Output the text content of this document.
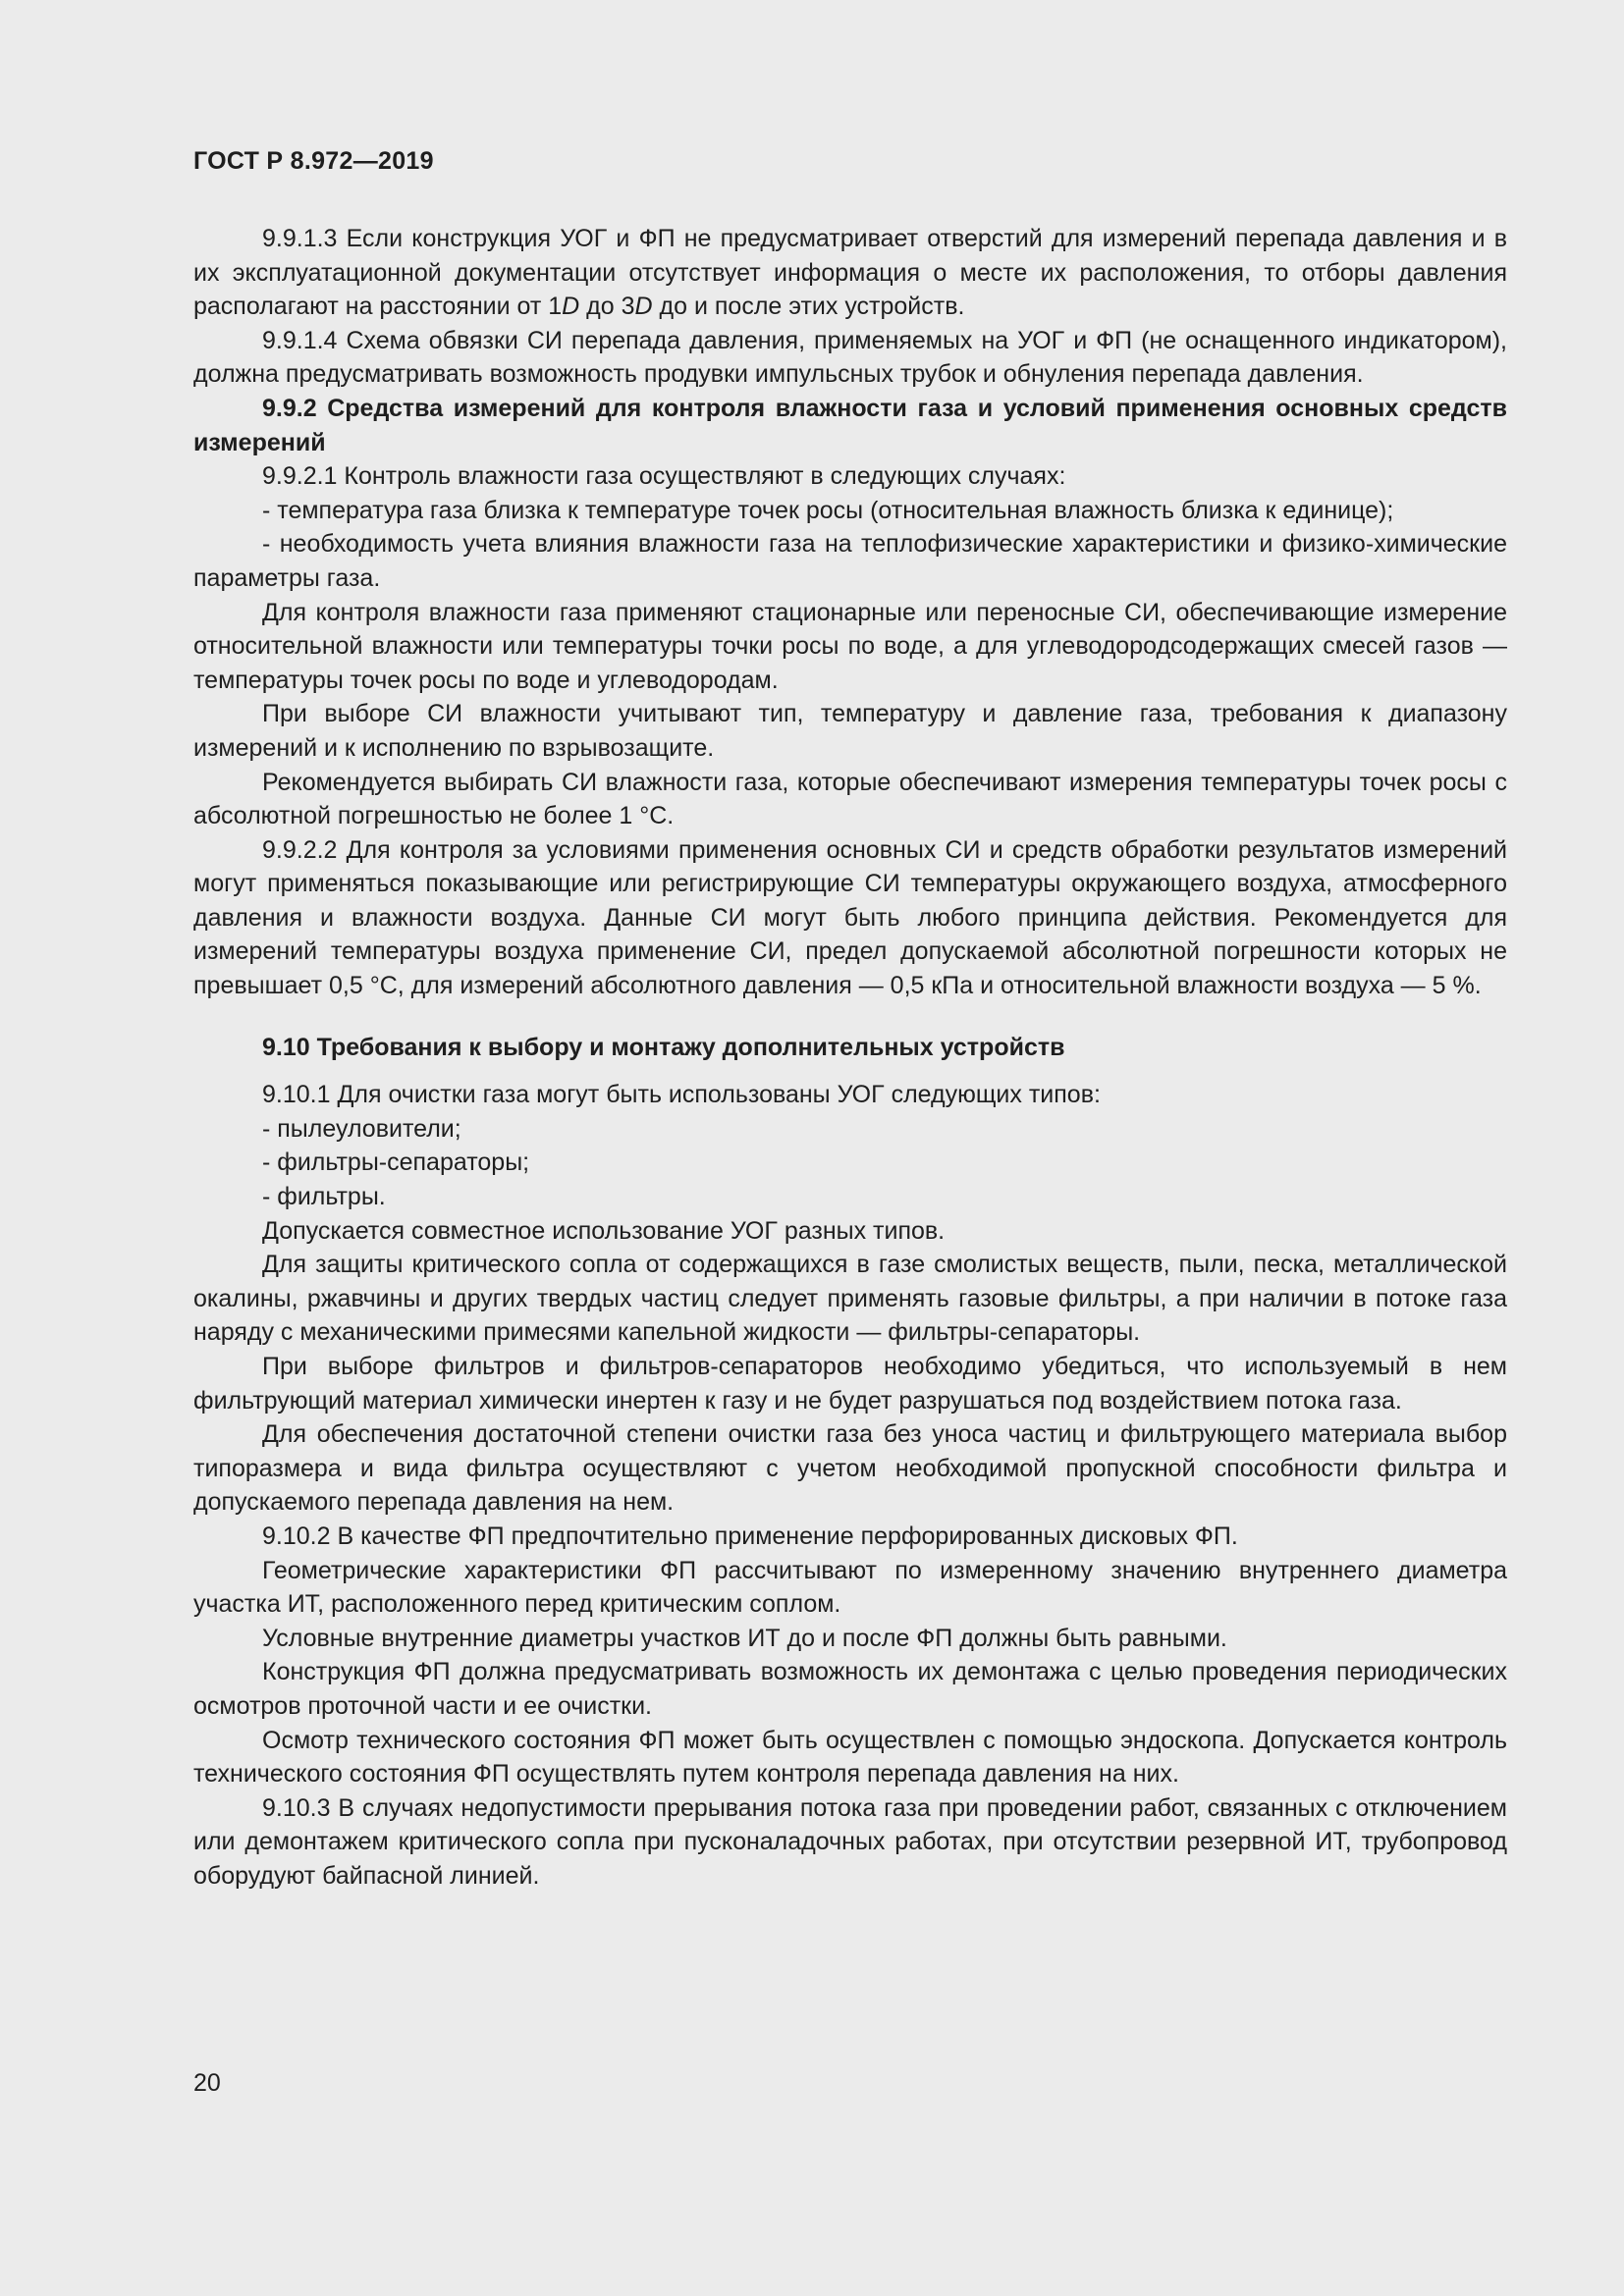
ГОСТ Р 8.972—2019

9.9.1.3 Если конструкция УОГ и ФП не предусматривает отверстий для измерений перепада давления и в их эксплуатационной документации отсутствует информация о месте их расположения, то отборы давления располагают на расстоянии от 1D до 3D до и после этих устройств.

9.9.1.4 Схема обвязки СИ перепада давления, применяемых на УОГ и ФП (не оснащенного индикатором), должна предусматривать возможность продувки импульсных трубок и обнуления перепада давления.

9.9.2 Средства измерений для контроля влажности газа и условий применения основных средств измерений

9.9.2.1 Контроль влажности газа осуществляют в следующих случаях:

- температура газа близка к температуре точек росы (относительная влажность близка к единице);

- необходимость учета влияния влажности газа на теплофизические характеристики и физико-химические параметры газа.

Для контроля влажности газа применяют стационарные или переносные СИ, обеспечивающие измерение относительной влажности или температуры точки росы по воде, а для углеводородсодержащих смесей газов — температуры точек росы по воде и углеводородам.

При выборе СИ влажности учитывают тип, температуру и давление газа, требования к диапазону измерений и к исполнению по взрывозащите.

Рекомендуется выбирать СИ влажности газа, которые обеспечивают измерения температуры точек росы с абсолютной погрешностью не более 1 °С.

9.9.2.2 Для контроля за условиями применения основных СИ и средств обработки результатов измерений могут применяться показывающие или регистрирующие СИ температуры окружающего воздуха, атмосферного давления и влажности воздуха. Данные СИ могут быть любого принципа действия. Рекомендуется для измерений температуры воздуха применение СИ, предел допускаемой абсолютной погрешности которых не превышает 0,5 °С, для измерений абсолютного давления — 0,5 кПа и относительной влажности воздуха — 5 %.

9.10 Требования к выбору и монтажу дополнительных устройств

9.10.1 Для очистки газа могут быть использованы УОГ следующих типов:

- пылеуловители;

- фильтры-сепараторы;

- фильтры.

Допускается совместное использование УОГ разных типов.

Для защиты критического сопла от содержащихся в газе смолистых веществ, пыли, песка, металлической окалины, ржавчины и других твердых частиц следует применять газовые фильтры, а при наличии в потоке газа наряду с механическими примесями капельной жидкости — фильтры-сепараторы.

При выборе фильтров и фильтров-сепараторов необходимо убедиться, что используемый в нем фильтрующий материал химически инертен к газу и не будет разрушаться под воздействием потока газа.

Для обеспечения достаточной степени очистки газа без уноса частиц и фильтрующего материала выбор типоразмера и вида фильтра осуществляют с учетом необходимой пропускной способности фильтра и допускаемого перепада давления на нем.

9.10.2 В качестве ФП предпочтительно применение перфорированных дисковых ФП.

Геометрические характеристики ФП рассчитывают по измеренному значению внутреннего диаметра участка ИТ, расположенного перед критическим соплом.

Условные внутренние диаметры участков ИТ до и после ФП должны быть равными.

Конструкция ФП должна предусматривать возможность их демонтажа с целью проведения периодических осмотров проточной части и ее очистки.

Осмотр технического состояния ФП может быть осуществлен с помощью эндоскопа. Допускается контроль технического состояния ФП осуществлять путем контроля перепада давления на них.

9.10.3 В случаях недопустимости прерывания потока газа при проведении работ, связанных с отключением или демонтажем критического сопла при пусконаладочных работах, при отсутствии резервной ИТ, трубопровод оборудуют байпасной линией.

20
